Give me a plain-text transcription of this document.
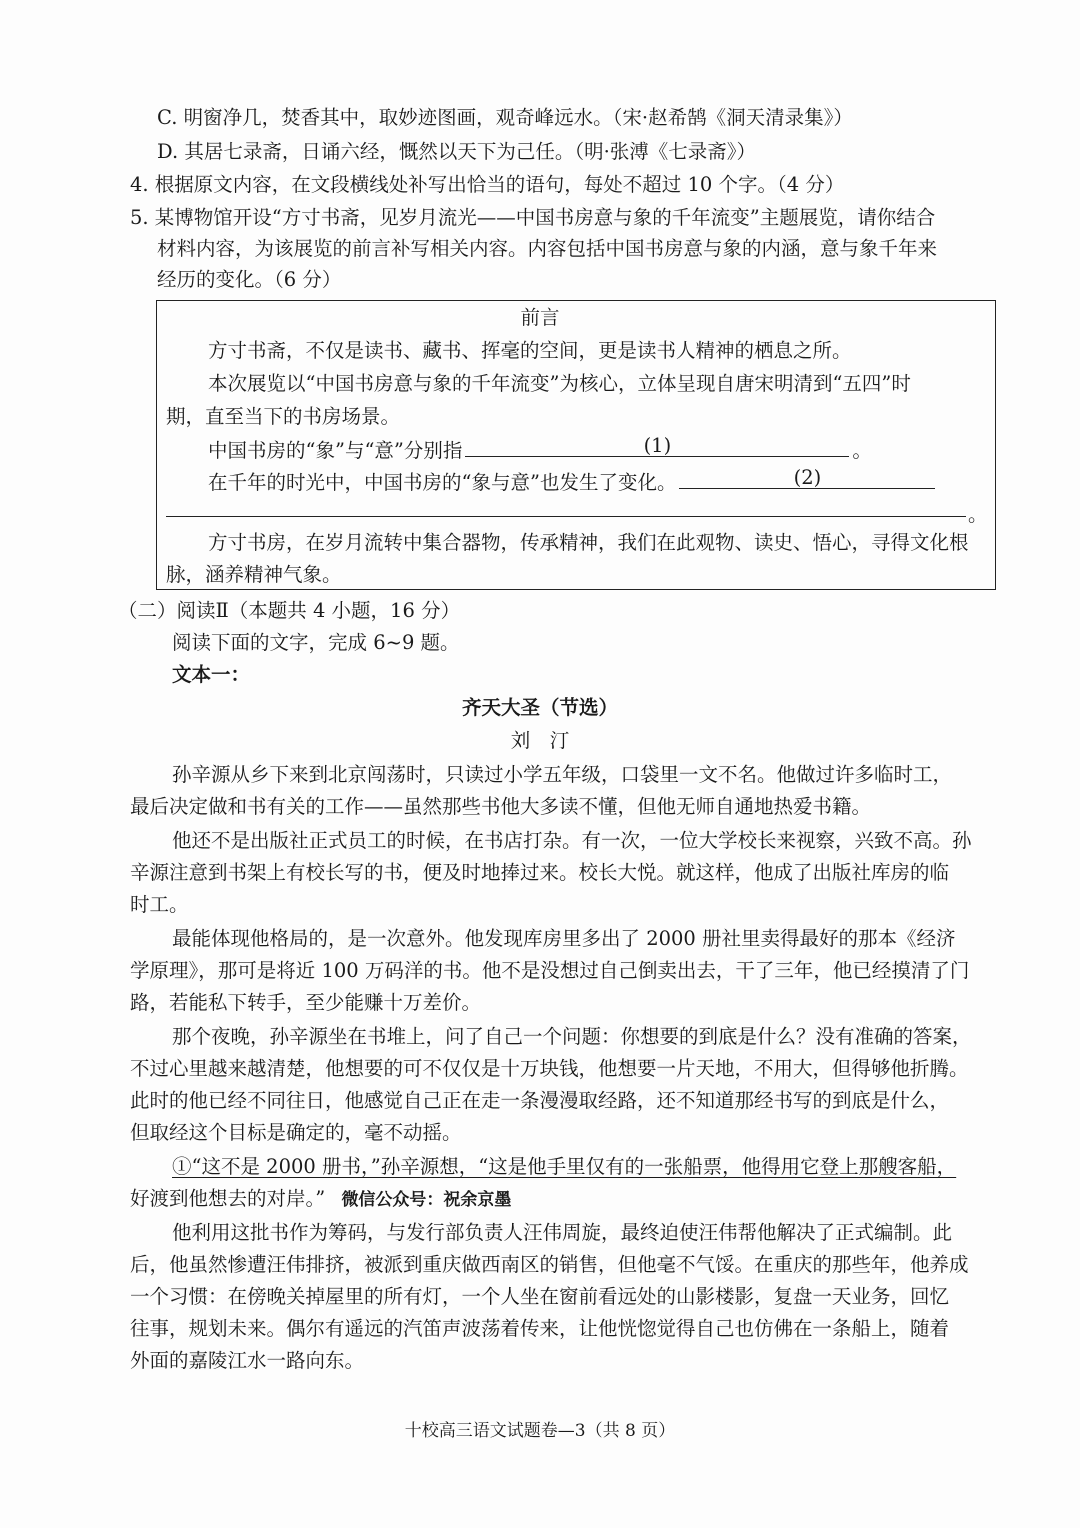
C. 明窗净几，焚香其中，取妙迹图画，观奇峰远水。（宋·赵希鹄《洞天清录集》）
D. 其居七录斋，日诵六经，慨然以天下为己任。（明·张溥《七录斋》）
4. 根据原文内容，在文段横线处补写出恰当的语句，每处不超过 10 个字。（4 分）
5. 某博物馆开设“方寸书斋，见岁月流光——中国书房意与象的千年流变”主题展览，请你结合
材料内容，为该展览的前言补写相关内容。内容包括中国书房意与象的内涵，意与象千年来
经历的变化。（6 分）
前言
方寸书斋，不仅是读书、藏书、挥毫的空间，更是读书人精神的栖息之所。
本次展览以“中国书房意与象的千年流变”为核心，立体呈现自唐宋明清到“五四”时
期，直至当下的书房场景。
中国书房的“象”与“意”分别指	(1)	。
在千年的时光中，中国书房的“象与意”也发生了变化。	(2)
。
方寸书房，在岁月流转中集合器物，传承精神，我们在此观物、读史、悟心，寻得文化根
脉，涵养精神气象。
（二）阅读Ⅱ（本题共 4 小题，16 分）
阅读下面的文字，完成 6~9 题。
文本一：
齐天大圣（节选）
刘　汀
孙辛源从乡下来到北京闯荡时，只读过小学五年级，口袋里一文不名。他做过许多临时工，
最后决定做和书有关的工作——虽然那些书他大多读不懂，但他无师自通地热爱书籍。
他还不是出版社正式员工的时候，在书店打杂。有一次，一位大学校长来视察，兴致不高。孙
辛源注意到书架上有校长写的书，便及时地捧过来。校长大悦。就这样，他成了出版社库房的临
时工。
最能体现他格局的，是一次意外。他发现库房里多出了 2000 册社里卖得最好的那本《经济
学原理》，那可是将近 100 万码洋的书。他不是没想过自己倒卖出去，干了三年，他已经摸清了门
路，若能私下转手，至少能赚十万差价。
那个夜晚，孙辛源坐在书堆上，问了自己一个问题：你想要的到底是什么？没有准确的答案，
不过心里越来越清楚，他想要的可不仅仅是十万块钱，他想要一片天地，不用大，但得够他折腾。
此时的他已经不同往日，他感觉自己正在走一条漫漫取经路，还不知道那经书写的到底是什么，
但取经这个目标是确定的，毫不动摇。
①“这不是 2000 册书，”孙辛源想，“这是他手里仅有的一张船票，他得用它登上那艘客船，
好渡到他想去的对岸。” 微信公众号：祝余京墨
他利用这批书作为筹码，与发行部负责人汪伟周旋，最终迫使汪伟帮他解决了正式编制。此
后，他虽然惨遭汪伟排挤，被派到重庆做西南区的销售，但他毫不气馁。在重庆的那些年，他养成
一个习惯：在傍晚关掉屋里的所有灯，一个人坐在窗前看远处的山影楼影，复盘一天业务，回忆
往事，规划未来。偶尔有遥远的汽笛声波荡着传来，让他恍惚觉得自己也仿佛在一条船上，随着
外面的嘉陵江水一路向东。
十校高三语文试题卷—3（共 8 页）
